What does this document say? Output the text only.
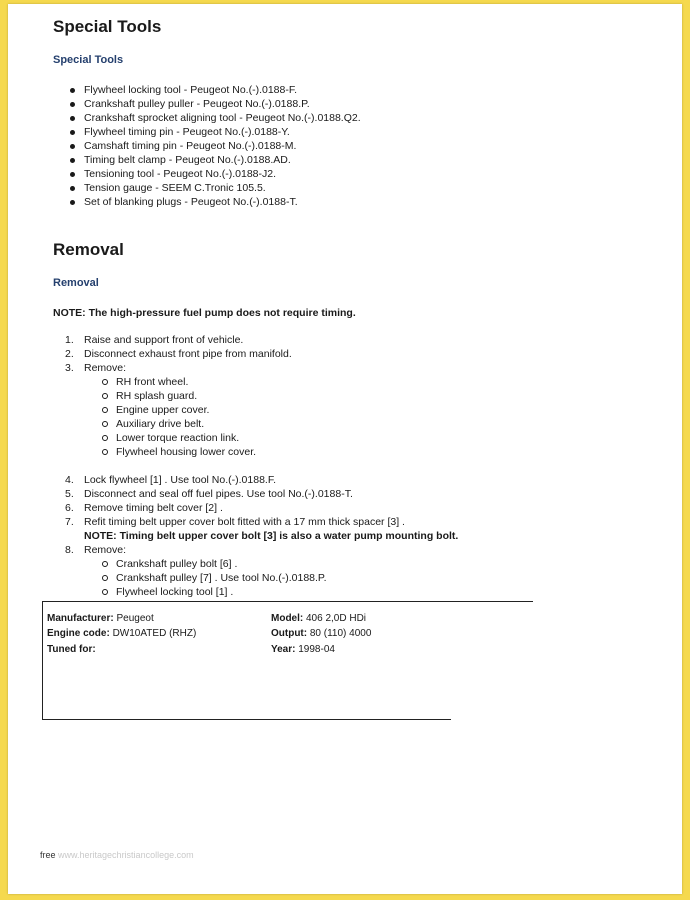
Special Tools
Special Tools
Flywheel locking tool - Peugeot No.(-).0188-F.
Crankshaft pulley puller - Peugeot No.(-).0188.P.
Crankshaft sprocket aligning tool - Peugeot No.(-).0188.Q2.
Flywheel timing pin - Peugeot No.(-).0188-Y.
Camshaft timing pin - Peugeot No.(-).0188-M.
Timing belt clamp - Peugeot No.(-).0188.AD.
Tensioning tool - Peugeot No.(-).0188-J2.
Tension gauge - SEEM C.Tronic 105.5.
Set of blanking plugs - Peugeot No.(-).0188-T.
Removal
Removal

NOTE: The high-pressure fuel pump does not require timing.

1. Raise and support front of vehicle.
2. Disconnect exhaust front pipe from manifold.
3. Remove:
RH front wheel.
RH splash guard.
Engine upper cover.
Auxiliary drive belt.
Lower torque reaction link.
Flywheel housing lower cover.
4. Lock flywheel [1] . Use tool No.(-).0188.F.
5. Disconnect and seal off fuel pipes. Use tool No.(-).0188-T.
6. Remove timing belt cover [2] .
7. Refit timing belt upper cover bolt fitted with a 17 mm thick spacer [3] .
NOTE: Timing belt upper cover bolt [3] is also a water pump mounting bolt.
8. Remove:
Crankshaft pulley bolt [6] .
Crankshaft pulley [7] . Use tool No.(-).0188.P.
Flywheel locking tool [1] .
Manufacturer: Peugeot
Engine code: DW10ATED (RHZ)
Tuned for:
Model: 406 2,0D HDi
Output: 80 (110) 4000
Year: 1998-04
free www.heritagechristiancollege.com
